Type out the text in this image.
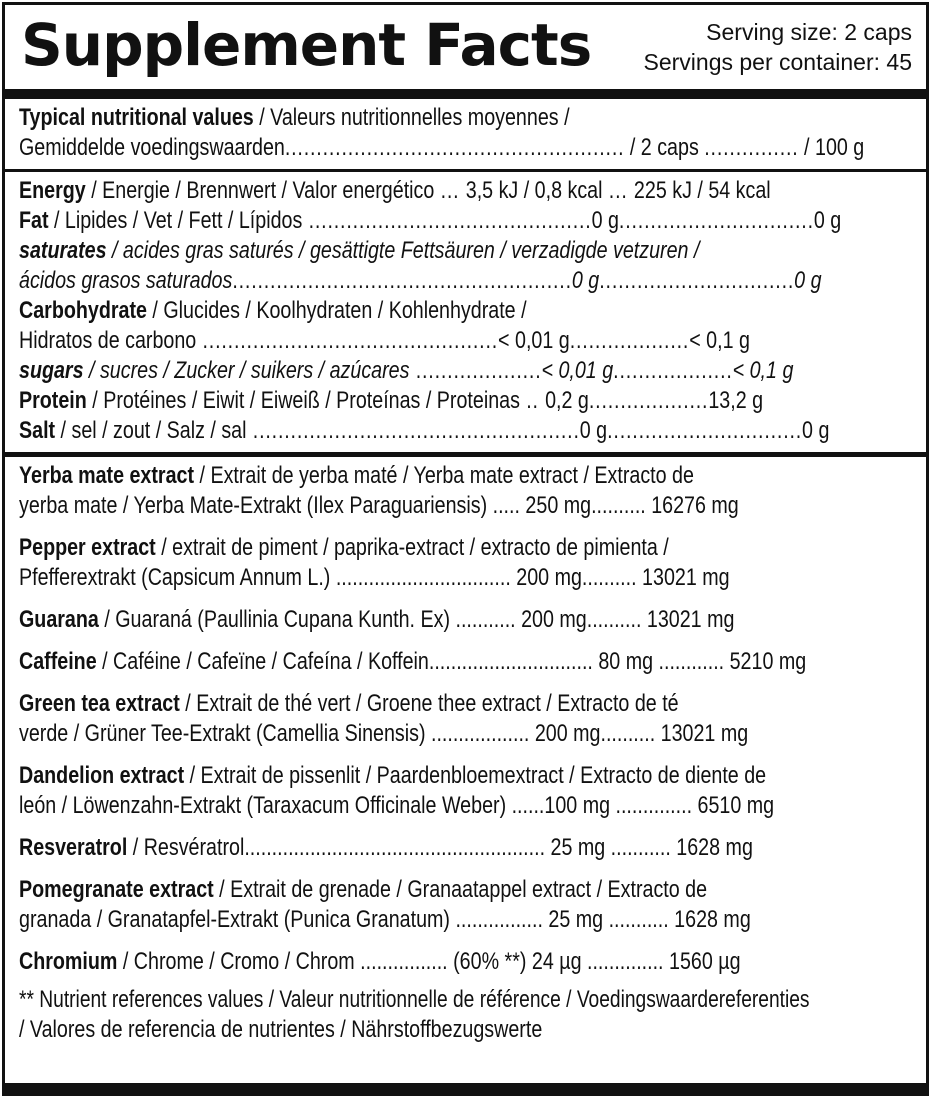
Supplement Facts	Serving size: 2 caps
Servings per container: 45
Typical nutritional values / Valeurs nutritionnelles moyennes /
Gemiddelde voedingswaarden...................................................... / 2 caps ............... / 100 g
Energy / Energie / Brennwert / Valor energético ... 3,5 kJ / 0,8 kcal ... 225 kJ / 54 kcal
Fat / Lipides / Vet / Fett / Lípidos .............................................0 g...............................0 g
saturates / acides gras saturés / gesättigte Fettsäuren / verzadigde vetzuren /
ácidos grasos saturados......................................................0 g...............................0 g
Carbohydrate / Glucides / Koolhydraten / Kohlenhydrate /
Hidratos de carbono ...............................................< 0,01 g...................< 0,1 g
sugars / sucres / Zucker / suikers / azúcares ....................< 0,01 g...................< 0,1 g
Protein / Protéines / Eiwit / Eiweiß / Proteínas / Proteinas .. 0,2 g...................13,2 g
Salt / sel / zout / Salz / sal ....................................................0 g...............................0 g
Yerba mate extract / Extrait de yerba maté / Yerba mate extract / Extracto de
yerba mate / Yerba Mate-Extrakt (Ilex Paraguariensis) ..... 250 mg.......... 16276 mg
Pepper extract / extrait de piment / paprika-extract / extracto de pimienta /
Pfefferextrakt (Capsicum Annum L.) ................................ 200 mg.......... 13021 mg
Guarana / Guaraná (Paullinia Cupana Kunth. Ex) ........... 200 mg.......... 13021 mg
Caffeine / Caféine / Cafeïne / Cafeína / Koffein.............................. 80 mg ............ 5210 mg
Green tea extract / Extrait de thé vert / Groene thee extract / Extracto de té
verde / Grüner Tee-Extrakt (Camellia Sinensis) .................. 200 mg.......... 13021 mg
Dandelion extract / Extrait de pissenlit / Paardenbloemextract / Extracto de diente de
león / Löwenzahn-Extrakt (Taraxacum Officinale Weber) ......100 mg .............. 6510 mg
Resveratrol / Resvératrol....................................................... 25 mg ........... 1628 mg
Pomegranate extract / Extrait de grenade / Granaatappel extract / Extracto de
granada / Granatapfel-Extrakt (Punica Granatum) ................ 25 mg ........... 1628 mg
Chromium / Chrome / Cromo / Chrom ................ (60% **) 24 µg .............. 1560 µg
** Nutrient references values / Valeur nutritionnelle de référence / Voedingswaardereferenties
/ Valores de referencia de nutrientes / Nährstoffbezugswerte
